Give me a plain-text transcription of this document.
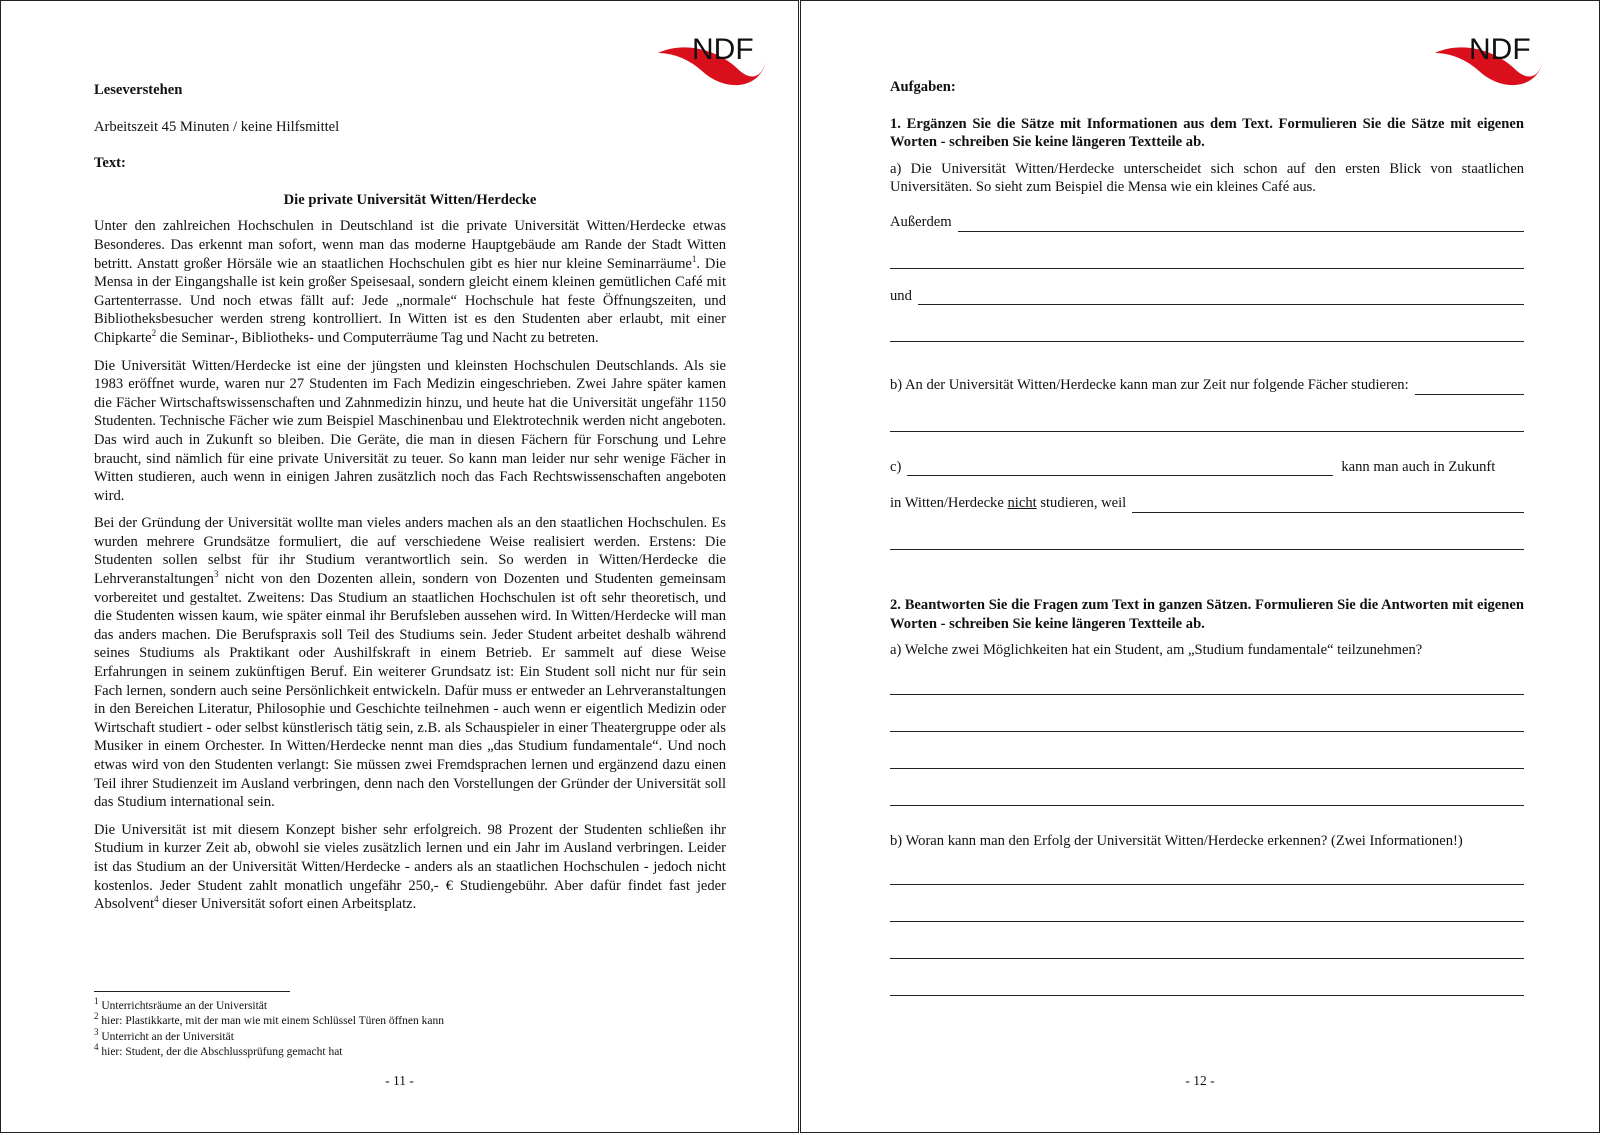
NDF
Leseverstehen
Arbeitszeit 45 Minuten / keine Hilfsmittel
Text:
Die private Universität Witten/Herdecke

Unter den zahlreichen Hochschulen in Deutschland ist die private Universität Witten/Herdecke etwas Besonderes. Das erkennt man sofort, wenn man das moderne Hauptgebäude am Rande der Stadt Witten betritt. Anstatt großer Hörsäle wie an staatlichen Hochschulen gibt es hier nur kleine Seminarräume$^1$. Die Mensa in der Eingangshalle ist kein großer Speisesaal, sondern gleicht einem kleinen gemütlichen Café mit Gartenterrasse. Und noch etwas fällt auf: Jede „normale“ Hochschule hat feste Öffnungszeiten, und Bibliotheksbesucher werden streng kontrolliert. In Witten ist es den Studenten aber erlaubt, mit einer Chipkarte$^2$ die Seminar-, Bibliotheks- und Computerräume Tag und Nacht zu betreten.

Die Universität Witten/Herdecke ist eine der jüngsten und kleinsten Hochschulen Deutschlands. Als sie 1983 eröffnet wurde, waren nur 27 Studenten im Fach Medizin eingeschrieben. Zwei Jahre später kamen die Fächer Wirtschaftswissenschaften und Zahnmedizin hinzu, und heute hat die Universität ungefähr 1150 Studenten. Technische Fächer wie zum Beispiel Maschinenbau und Elektrotechnik werden nicht angeboten. Das wird auch in Zukunft so bleiben. Die Geräte, die man in diesen Fächern für Forschung und Lehre braucht, sind nämlich für eine private Universität zu teuer. So kann man leider nur sehr wenige Fächer in Witten studieren, auch wenn in einigen Jahren zusätzlich noch das Fach Rechtswissenschaften angeboten wird.

Bei der Gründung der Universität wollte man vieles anders machen als an den staatlichen Hochschulen. Es wurden mehrere Grundsätze formuliert, die auf verschiedene Weise realisiert werden. Erstens: Die Studenten sollen selbst für ihr Studium verantwortlich sein. So werden in Witten/Herdecke die Lehrveranstaltungen$^3$ nicht von den Dozenten allein, sondern von Dozenten und Studenten gemeinsam vorbereitet und gestaltet. Zweitens: Das Studium an staatlichen Hochschulen ist oft sehr theoretisch, und die Studenten wissen kaum, wie später einmal ihr Berufsleben aussehen wird. In Witten/Herdecke will man das anders machen. Die Berufspraxis soll Teil des Studiums sein. Jeder Student arbeitet deshalb während seines Studiums als Praktikant oder Aushilfskraft in einem Betrieb. Er sammelt auf diese Weise Erfahrungen in seinem zukünftigen Beruf. Ein weiterer Grundsatz ist: Ein Student soll nicht nur für sein Fach lernen, sondern auch seine Persönlichkeit entwickeln. Dafür muss er entweder an Lehrveranstaltungen in den Bereichen Literatur, Philosophie und Geschichte teilnehmen - auch wenn er eigentlich Medizin oder Wirtschaft studiert - oder selbst künstlerisch tätig sein, z.B. als Schauspieler in einer Theatergruppe oder als Musiker in einem Orchester. In Witten/Herdecke nennt man dies „das Studium fundamentale“. Und noch etwas wird von den Studenten verlangt: Sie müssen zwei Fremdsprachen lernen und ergänzend dazu einen Teil ihrer Studienzeit im Ausland verbringen, denn nach den Vorstellungen der Gründer der Universität soll das Studium international sein.

Die Universität ist mit diesem Konzept bisher sehr erfolgreich. 98 Prozent der Studenten schließen ihr Studium in kurzer Zeit ab, obwohl sie vieles zusätzlich lernen und ein Jahr im Ausland verbringen. Leider ist das Studium an der Universität Witten/Herdecke - anders als an staatlichen Hochschulen - jedoch nicht kostenlos. Jeder Student zahlt monatlich ungefähr 250,- € Studiengebühr. Aber dafür findet fast jeder Absolvent$^4$ dieser Universität sofort einen Arbeitsplatz.

$^1$ Unterrichtsräume an der Universität
$^2$ hier: Plastikkarte, mit der man wie mit einem Schlüssel Türen öffnen kann
$^3$ Unterricht an der Universität
$^4$ hier: Student, der die Abschlussprüfung gemacht hat
- 11 -
NDF
Aufgaben:

1. Ergänzen Sie die Sätze mit Informationen aus dem Text. Formulieren Sie die Sätze mit eigenen Worten - schreiben Sie keine längeren Textteile ab.

a) Die Universität Witten/Herdecke unterscheidet sich schon auf den ersten Blick von staatlichen Universitäten. So sieht zum Beispiel die Mensa wie ein kleines Café aus.

Außerdem
und
b) An der Universität Witten/Herdecke kann man zur Zeit nur folgende Fächer studieren:
c)	kann man auch in Zukunft
in Witten/Herdecke nicht studieren, weil

2. Beantworten Sie die Fragen zum Text in ganzen Sätzen. Formulieren Sie die Antworten mit eigenen Worten - schreiben Sie keine längeren Textteile ab.

a) Welche zwei Möglichkeiten hat ein Student, am „Studium fundamentale“ teilzunehmen?

b) Woran kann man den Erfolg der Universität Witten/Herdecke erkennen? (Zwei Informationen!)

- 12 -
